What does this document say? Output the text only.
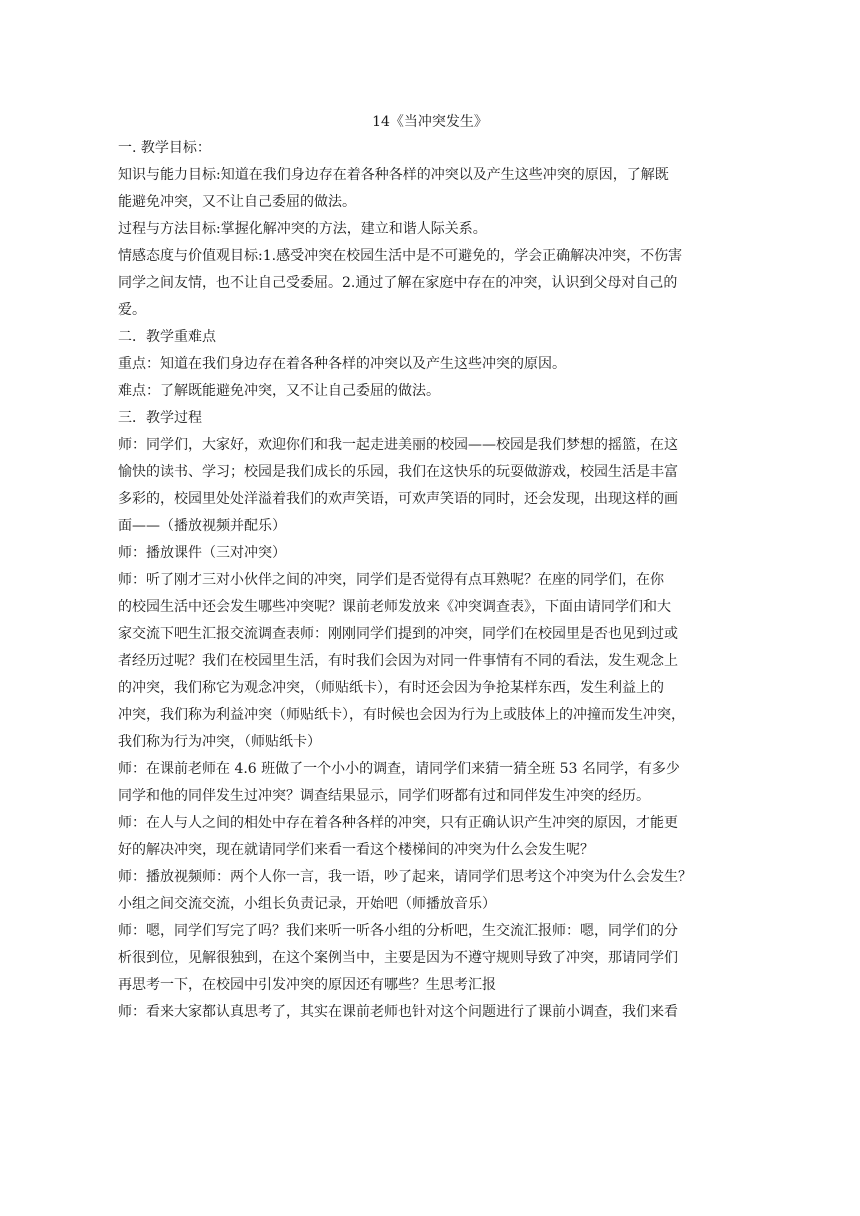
14《当冲突发生》

一. 教学目标：

知识与能力目标:知道在我们身边存在着各种各样的冲突以及产生这些冲突的原因，了解既

能避免冲突，又不让自己委屈的做法。

过程与方法目标:掌握化解冲突的方法，建立和谐人际关系。

情感态度与价值观目标:1.感受冲突在校园生活中是不可避免的，学会正确解决冲突，不伤害

同学之间友情，也不让自己受委屈。2.通过了解在家庭中存在的冲突，认识到父母对自己的

爱。

二．教学重难点

重点：知道在我们身边存在着各种各样的冲突以及产生这些冲突的原因。

难点：了解既能避免冲突，又不让自己委屈的做法。

三．教学过程

师：同学们，大家好，欢迎你们和我一起走进美丽的校园——校园是我们梦想的摇篮，在这

愉快的读书、学习；校园是我们成长的乐园，我们在这快乐的玩耍做游戏，校园生活是丰富

多彩的，校园里处处洋溢着我们的欢声笑语，可欢声笑语的同时，还会发现，出现这样的画

面——（播放视频并配乐）

师：播放课件（三对冲突）

师：听了刚才三对小伙伴之间的冲突，同学们是否觉得有点耳熟呢？在座的同学们，在你

的校园生活中还会发生哪些冲突呢？课前老师发放来《冲突调查表》，下面由请同学们和大

家交流下吧生汇报交流调查表师：刚刚同学们提到的冲突，同学们在校园里是否也见到过或

者经历过呢？我们在校园里生活，有时我们会因为对同一件事情有不同的看法，发生观念上

的冲突，我们称它为观念冲突，（师贴纸卡），有时还会因为争抢某样东西，发生利益上的

冲突，我们称为利益冲突（师贴纸卡），有时候也会因为行为上或肢体上的冲撞而发生冲突，

我们称为行为冲突，（师贴纸卡）

师：在课前老师在 4.6 班做了一个小小的调查，请同学们来猜一猜全班 53 名同学，有多少

同学和他的同伴发生过冲突？调查结果显示，同学们呀都有过和同伴发生冲突的经历。

师：在人与人之间的相处中存在着各种各样的冲突，只有正确认识产生冲突的原因，才能更

好的解决冲突，现在就请同学们来看一看这个楼梯间的冲突为什么会发生呢？

师：播放视频师：两个人你一言，我一语，吵了起来，请同学们思考这个冲突为什么会发生？

小组之间交流交流，小组长负责记录，开始吧（师播放音乐）

师：嗯，同学们写完了吗？我们来听一听各小组的分析吧，生交流汇报师：嗯，同学们的分

析很到位，见解很独到，在这个案例当中，主要是因为不遵守规则导致了冲突，那请同学们

再思考一下，在校园中引发冲突的原因还有哪些？生思考汇报

师：看来大家都认真思考了，其实在课前老师也针对这个问题进行了课前小调查，我们来看
